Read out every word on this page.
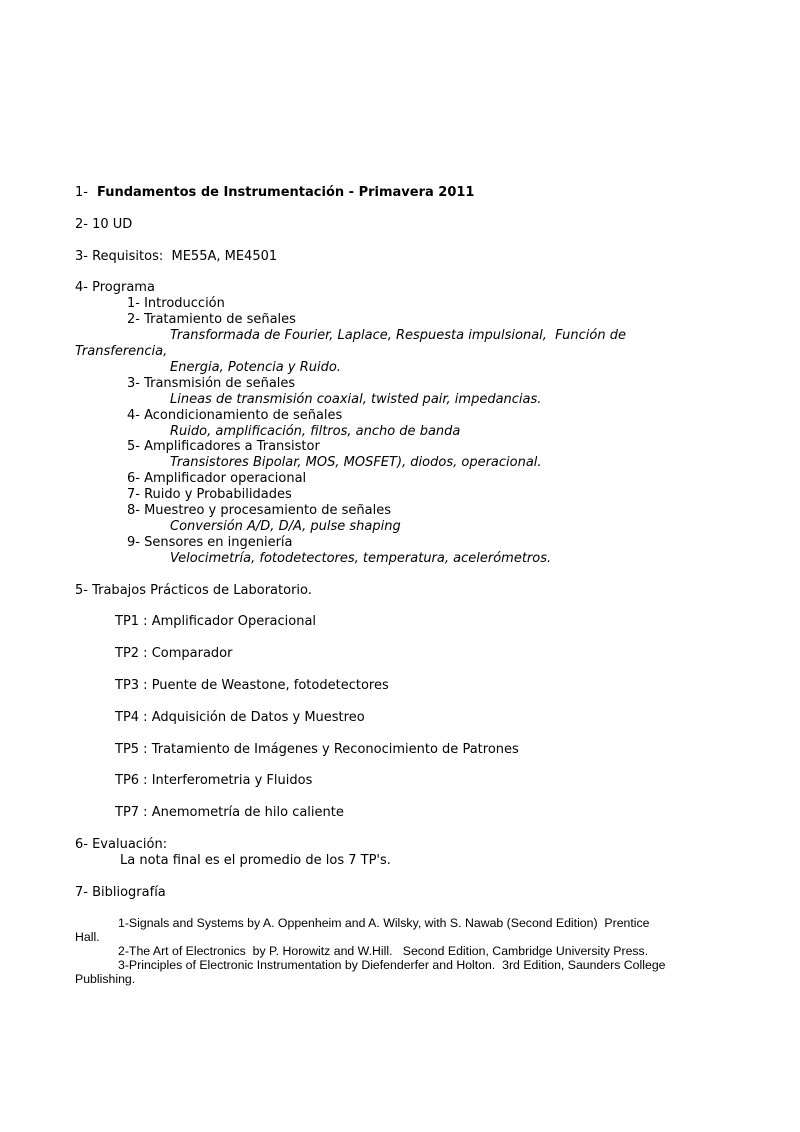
1- Fundamentos de Instrumentación - Primavera 2011
2- 10 UD
3- Requisitos:  ME55A, ME4501
4- Programa
1- Introducción
2- Tratamiento de señales
Transformada de Fourier, Laplace, Respuesta impulsional,  Función de
Transferencia,
Energia, Potencia y Ruido.
3- Transmisión de señales
Lineas de transmisión coaxial, twisted pair, impedancias.
4- Acondicionamiento de señales
Ruido, amplificación, filtros, ancho de banda
5- Amplificadores a Transistor
Transistores Bipolar, MOS, MOSFET), diodos, operacional.
6- Amplificador operacional
7- Ruido y Probabilidades
8- Muestreo y procesamiento de señales
Conversión A/D, D/A, pulse shaping
9- Sensores en ingeniería
Velocimetría, fotodetectores, temperatura, acelerómetros.
5- Trabajos Prácticos de Laboratorio.
TP1 : Amplificador Operacional
TP2 : Comparador
TP3 : Puente de Weastone, fotodetectores
TP4 : Adquisición de Datos y Muestreo
TP5 : Tratamiento de Imágenes y Reconocimiento de Patrones
TP6 : Interferometria y Fluidos
TP7 : Anemometría de hilo caliente
6- Evaluación:
La nota final es el promedio de los 7 TP's.
7- Bibliografía
1-Signals and Systems by A. Oppenheim and A. Wilsky, with S. Nawab (Second Edition)  Prentice
Hall.
2-The Art of Electronics  by P. Horowitz and W.Hill.   Second Edition, Cambridge University Press.
3-Principles of Electronic Instrumentation by Diefenderfer and Holton.  3rd Edition, Saunders College
Publishing.
